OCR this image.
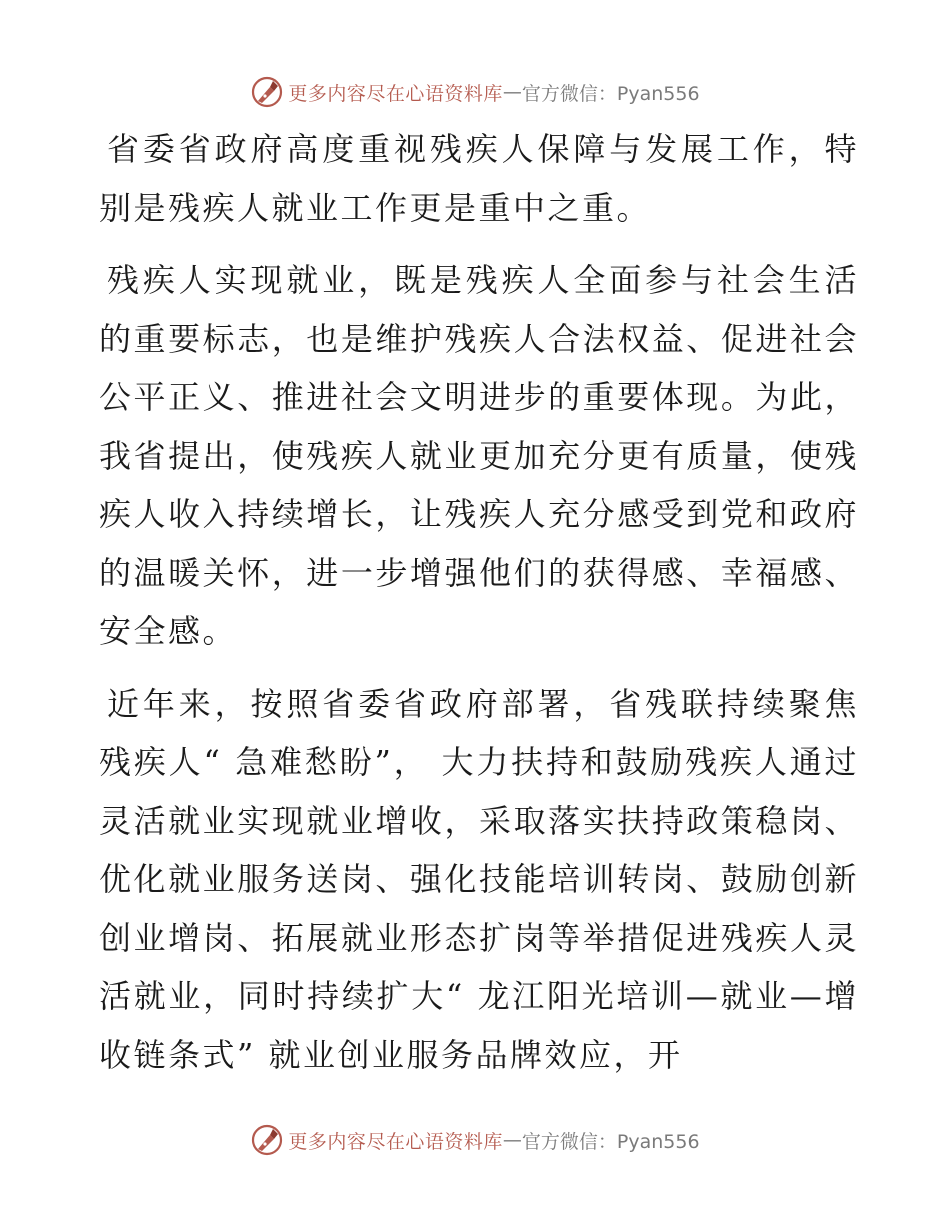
更多内容尽在心语资料库 — 官方微信：Pyan556

省委省政府高度重视残疾人保障与发展工作，特别是残疾人就业工作更是重中之重。

残疾人实现就业，既是残疾人全面参与社会生活的重要标志，也是维护残疾人合法权益、促进社会公平正义、推进社会文明进步的重要体现。为此，我省提出，使残疾人就业更加充分更有质量，使残疾人收入持续增长，让残疾人充分感受到党和政府的温暖关怀，进一步增强他们的获得感、幸福感、安全感。

近年来，按照省委省政府部署，省残联持续聚焦残疾人“ 急难愁盼”， 大力扶持和鼓励残疾人通过灵活就业实现就业增收，采取落实扶持政策稳岗、优化就业服务送岗、强化技能培训转岗、鼓励创新创业增岗、拓展就业形态扩岗等举措促进残疾人灵活就业，同时持续扩大“ 龙江阳光培训—就业—增收链条式” 就业创业服务品牌效应，开

更多内容尽在心语资料库 — 官方微信：Pyan556
